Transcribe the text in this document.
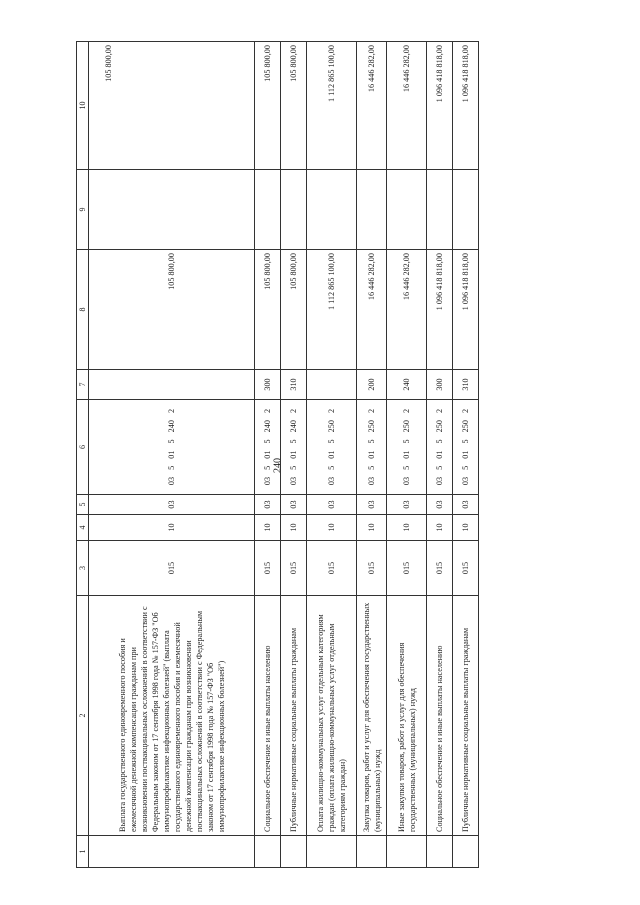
240
1	2	3	4	5	6	7	8	9	10
	Выплата государственного единовременного пособия и ежемесячной денежной компенсации гражданам при возникновении поствакцинальных осложнений в соответствии с Федеральным законом от 17 сентября 1998 года № 157-ФЗ "Об иммунопрофилактике инфекционных болезней" (выплата государственного единовременного пособия и ежемесячной денежной компенсации гражданам при возникновении поствакцинальных осложнений в соответствии с Федеральным законом от 17 сентября 1998 года № 157-ФЗ "Об иммунопрофилактике инфекционных болезней")	015	10	03	03 5 01 5 240 2		105 800,00		105 800,00
	Социальное обеспечение и иные выплаты населению	015	10	03	03 5 01 5 240 2	300	105 800,00		105 800,00
	Публичные нормативные социальные выплаты гражданам	015	10	03	03 5 01 5 240 2	310	105 800,00		105 800,00
	Оплата жилищно-коммунальных услуг отдельным категориям граждан (оплата жилищно-коммунальных услуг отдельным категориям граждан)	015	10	03	03 5 01 5 250 2		1 112 865 100,00		1 112 865 100,00
	Закупка товаров, работ и услуг для обеспечения государственных (муниципальных) нужд	015	10	03	03 5 01 5 250 2	200	16 446 282,00		16 446 282,00
	Иные закупки товаров, работ и услуг для обеспечения государственных (муниципальных) нужд	015	10	03	03 5 01 5 250 2	240	16 446 282,00		16 446 282,00
	Социальное обеспечение и иные выплаты населению	015	10	03	03 5 01 5 250 2	300	1 096 418 818,00		1 096 418 818,00
	Публичные нормативные социальные выплаты гражданам	015	10	03	03 5 01 5 250 2	310	1 096 418 818,00		1 096 418 818,00
